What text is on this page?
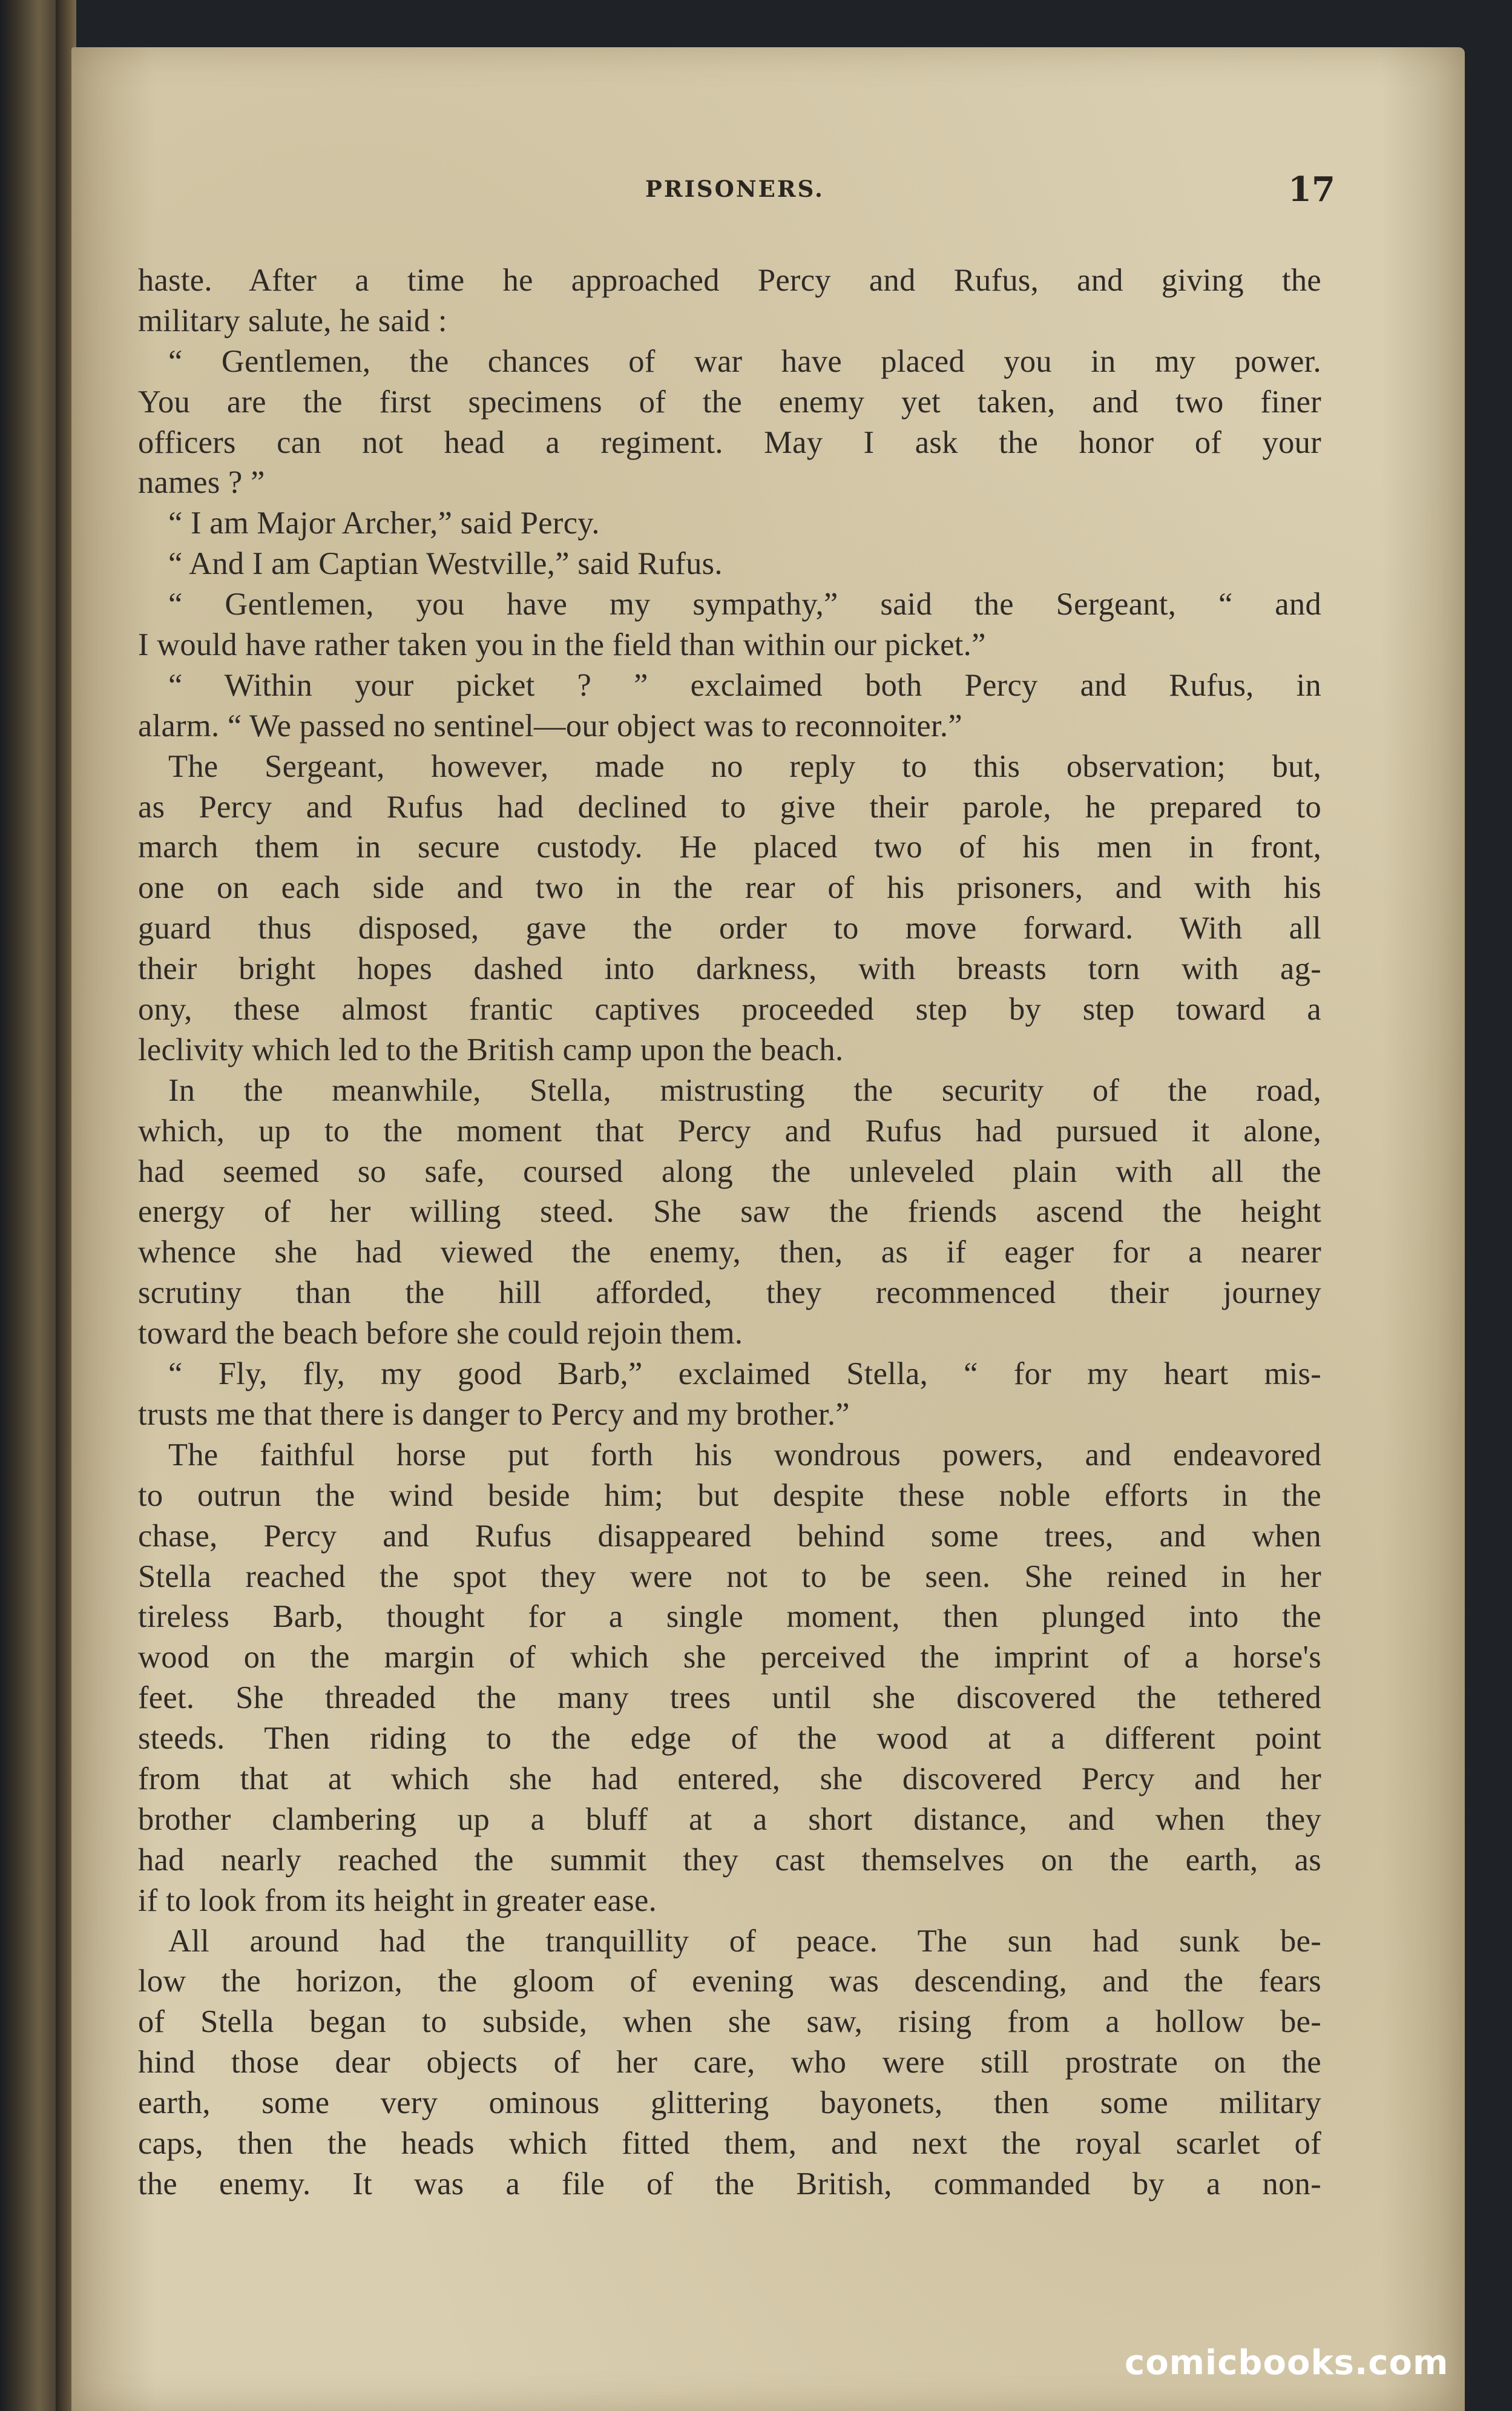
PRISONERS.	17
haste. After a time he approached Percy and Rufus, and giving the
military salute, he said :
“ Gentlemen, the chances of war have placed you in my power.
You are the first specimens of the enemy yet taken, and two finer
officers can not head a regiment. May I ask the honor of your
names ? ”
“ I am Major Archer,” said Percy.
“ And I am Captian Westville,” said Rufus.
“ Gentlemen, you have my sympathy,” said the Sergeant, “ and
I would have rather taken you in the field than within our picket.”
“ Within your picket ? ” exclaimed both Percy and Rufus, in
alarm. “ We passed no sentinel—our object was to reconnoiter.”
The Sergeant, however, made no reply to this observation; but,
as Percy and Rufus had declined to give their parole, he prepared to
march them in secure custody. He placed two of his men in front,
one on each side and two in the rear of his prisoners, and with his
guard thus disposed, gave the order to move forward. With all
their bright hopes dashed into darkness, with breasts torn with ag-
ony, these almost frantic captives proceeded step by step toward a
leclivity which led to the British camp upon the beach.
In the meanwhile, Stella, mistrusting the security of the road,
which, up to the moment that Percy and Rufus had pursued it alone,
had seemed so safe, coursed along the unleveled plain with all the
energy of her willing steed. She saw the friends ascend the height
whence she had viewed the enemy, then, as if eager for a nearer
scrutiny than the hill afforded, they recommenced their journey
toward the beach before she could rejoin them.
“ Fly, fly, my good Barb,” exclaimed Stella, “ for my heart mis-
trusts me that there is danger to Percy and my brother.”
The faithful horse put forth his wondrous powers, and endeavored
to outrun the wind beside him; but despite these noble efforts in the
chase, Percy and Rufus disappeared behind some trees, and when
Stella reached the spot they were not to be seen. She reined in her
tireless Barb, thought for a single moment, then plunged into the
wood on the margin of which she perceived the imprint of a horse's
feet. She threaded the many trees until she discovered the tethered
steeds. Then riding to the edge of the wood at a different point
from that at which she had entered, she discovered Percy and her
brother clambering up a bluff at a short distance, and when they
had nearly reached the summit they cast themselves on the earth, as
if to look from its height in greater ease.
All around had the tranquillity of peace. The sun had sunk be-
low the horizon, the gloom of evening was descending, and the fears
of Stella began to subside, when she saw, rising from a hollow be-
hind those dear objects of her care, who were still prostrate on the
earth, some very ominous glittering bayonets, then some military
caps, then the heads which fitted them, and next the royal scarlet of
the enemy. It was a file of the British, commanded by a non-
comicbooks.com
